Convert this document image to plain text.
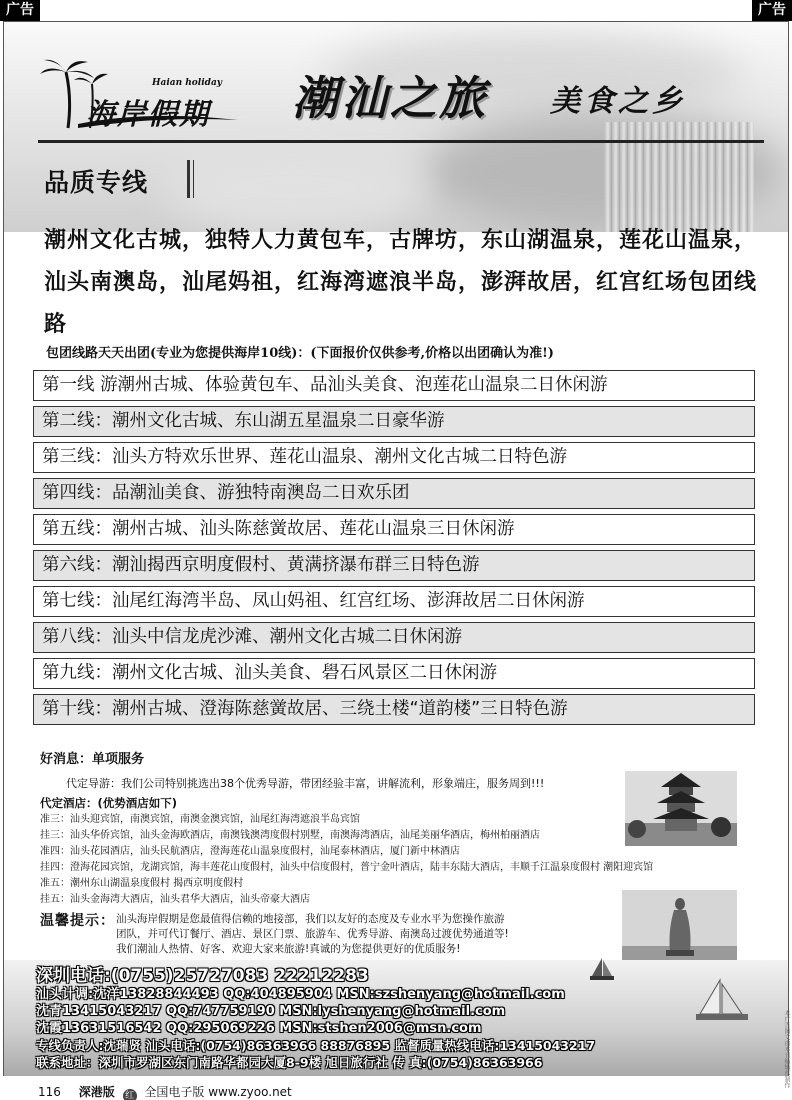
广告	广告
Haian holiday
海岸假期 潮汕之旅 美食之乡
品质专线
潮州文化古城，独特人力黄包车，古牌坊，东山湖温泉，莲花山温泉，汕头南澳岛，汕尾妈祖，红海湾遮浪半岛，澎湃故居，红宫红场包团线路
包团线路天天出团(专业为您提供海岸10线)：(下面报价仅供参考,价格以出团确认为准!)
第一线 游潮州古城、体验黄包车、品汕头美食、泡莲花山温泉二日休闲游
第二线：潮州文化古城、东山湖五星温泉二日豪华游
第三线：汕头方特欢乐世界、莲花山温泉、潮州文化古城二日特色游
第四线：品潮汕美食、游独特南澳岛二日欢乐团
第五线：潮州古城、汕头陈慈黉故居、莲花山温泉三日休闲游
第六线：潮汕揭西京明度假村、黄满挤瀑布群三日特色游
第七线：汕尾红海湾半岛、凤山妈祖、红宫红场、澎湃故居二日休闲游
第八线：汕头中信龙虎沙滩、潮州文化古城二日休闲游
第九线：潮州文化古城、汕头美食、礐石风景区二日休闲游
第十线：潮州古城、澄海陈慈黉故居、三绕土楼“道韵楼”三日特色游
好消息：单项服务
代定导游：我们公司特别挑选出38个优秀导游，带团经验丰富，讲解流利，形象端庄，服务周到!!!
代定酒店：(优势酒店如下)
准三：汕头迎宾馆，南澳宾馆，南澳金澳宾馆，汕尾红海湾遮浪半岛宾馆
挂三：汕头华侨宾馆，汕头金海欧酒店，南澳钱澳湾度假村别墅，南澳海湾酒店，汕尾美丽华酒店，梅州柏丽酒店
准四：汕头花园酒店，汕头民航酒店，澄海莲花山温泉度假村，汕尾泰林酒店，厦门新中林酒店
挂四：澄海花园宾馆，龙湖宾馆，海丰莲花山度假村，汕头中信度假村，普宁金叶酒店，陆丰东陆大酒店，丰顺千江温泉度假村 潮阳迎宾馆
准五：潮州东山湖温泉度假村 揭西京明度假村
挂五：汕头金海湾大酒店，汕头君华大酒店，汕头帝豪大酒店
温馨提示： 汕头海岸假期是您最值得信赖的地接部，我们以友好的态度及专业水平为您操作旅游
团队，并可代订餐厅、酒店、景区门票、旅游车、优秀导游、南澳岛过渡优势通道等!
我们潮汕人热情、好客、欢迎大家来旅游!真诚的为您提供更好的优质服务!
深圳电话:(0755)25727083 22212283
汕头计调:沈洋13828844493 QQ:404895904 MSN:szshenyang@hotmail.com
沈青13415043217 QQ:747759190 MSN:lyshenyang@hotmail.com
沈霞13631516542 QQ:295069226 MSN:stshen2006@msn.com
专线负责人:沈瑞贤 汕头电话:(0754)86363966 88876895 监督质量热线电话:13415043217
联系地址：深圳市罗湖区东门南路华都园大厦8-9楼 旭日旅行社 传 真:(0754)86363966	本广告图文由本刊编辑部制作
116 深港版 红 全国电子版 www.zyoo.net
